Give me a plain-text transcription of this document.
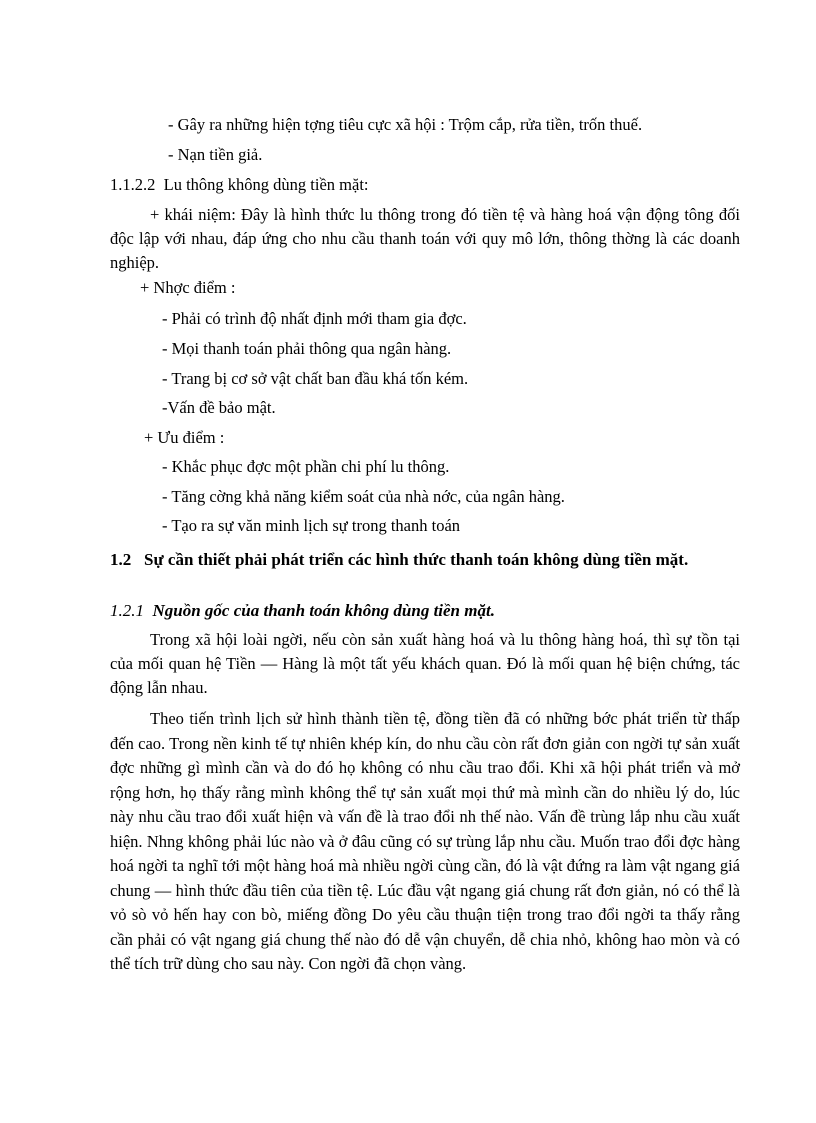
- Gây ra những hiện tợng tiêu cực xã hội : Trộm cắp, rửa tiền, trốn thuế.
- Nạn tiền giả.
1.1.2.2 Lu thông không dùng tiền mặt:
+ khái niệm: Đây là hình thức lu thông trong đó tiền tệ và hàng hoá vận động tông đối độc lập với nhau, đáp ứng cho nhu cầu thanh toán với quy mô lớn, thông thờng là các doanh nghiệp.
+ Nhợc điểm :
- Phải có trình độ nhất định mới tham gia đợc.
- Mọi thanh toán phải thông qua ngân hàng.
- Trang bị cơ sở vật chất ban đầu khá tốn kém.
-Vấn đề bảo mật.
+ Ưu điểm :
- Khắc phục đợc một phần chi phí lu thông.
- Tăng cờng khả năng kiểm soát của nhà nớc, của ngân hàng.
- Tạo ra sự văn minh lịch sự trong thanh toán
1.2 Sự cần thiết phải phát triển các hình thức thanh toán không dùng tiền mặt.
1.2.1 Nguồn gốc của thanh toán không dùng tiền mặt.
Trong xã hội loài ngời, nếu còn sản xuất hàng hoá và lu thông hàng hoá, thì sự tồn tại của mối quan hệ Tiền — Hàng là một tất yếu khách quan. Đó là mối quan hệ biện chứng, tác động lẫn nhau.
Theo tiến trình lịch sử hình thành tiền tệ, đồng tiền đã có những bớc phát triển từ thấp đến cao. Trong nền kinh tế tự nhiên khép kín, do nhu cầu còn rất đơn giản con ngời tự sản xuất đợc những gì mình cần và do đó họ không có nhu cầu trao đổi. Khi xã hội phát triển và mở rộng hơn, họ thấy rằng mình không thể tự sản xuất mọi thứ mà mình cần do nhiều lý do, lúc này nhu cầu trao đổi xuất hiện và vấn đề là trao đổi nh thế nào. Vấn đề trùng lắp nhu cầu xuất hiện. Nhng không phải lúc nào và ở đâu cũng có sự trùng lắp nhu cầu. Muốn trao đổi đợc hàng hoá ngời ta nghĩ tới một hàng hoá mà nhiều ngời cùng cần, đó là vật đứng ra làm vật ngang giá chung — hình thức đầu tiên của tiền tệ. Lúc đầu vật ngang giá chung rất đơn giản, nó có thể là vỏ sò vỏ hến hay con bò, miếng đồng Do yêu cầu thuận tiện trong trao đổi ngời ta thấy rằng cần phải có vật ngang giá chung thế nào đó dễ vận chuyển, dễ chia nhỏ, không hao mòn và có thể tích trữ dùng cho sau này. Con ngời đã chọn vàng.
